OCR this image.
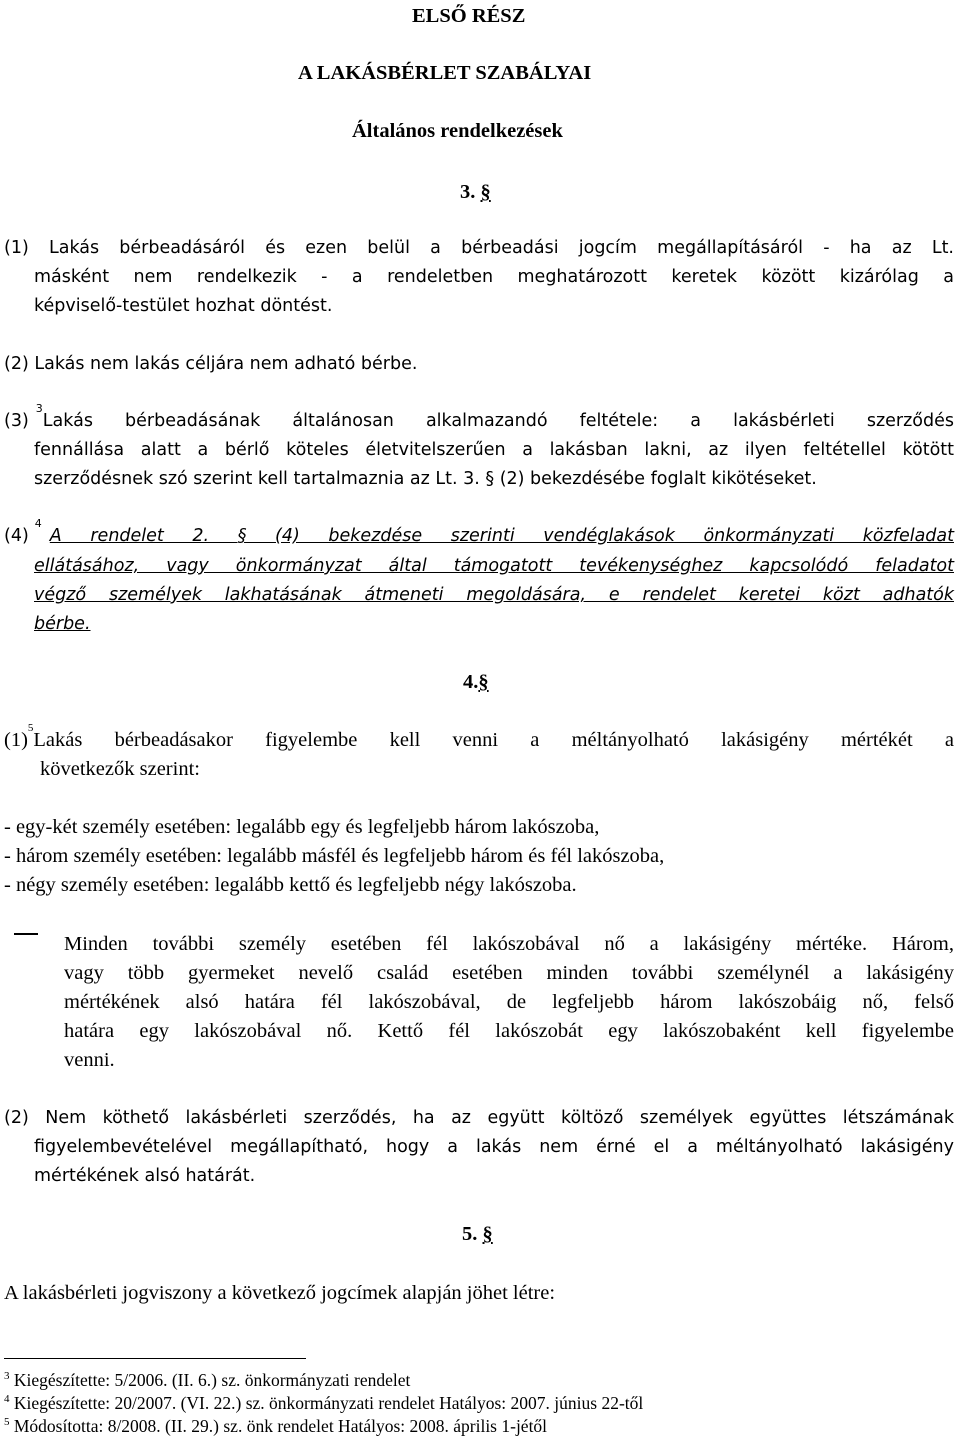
ELSŐ RÉSZ
A LAKÁSBÉRLET SZABÁLYAI
Általános rendelkezések
3. §
(1) Lakás bérbeadásáról és ezen belül a bérbeadási jogcím megállapításáról - ha az Lt.
másként nem rendelkezik - a rendeletben meghatározott keretek között kizárólag a
képviselő-testület hozhat döntést.
(2) Lakás nem lakás céljára nem adható bérbe.
(3)
3
Lakás bérbeadásának általánosan alkalmazandó feltétele: a lakásbérleti szerződés
fennállása alatt a bérlő köteles életvitelszerűen a lakásban lakni, az ilyen feltétellel kötött
szerződésnek szó szerint kell tartalmaznia az Lt. 3. § (2) bekezdésébe foglalt kikötéseket.
(4)
4
A rendelet 2. § (4) bekezdése szerinti vendéglakások önkormányzati közfeladat
ellátásához, vagy önkormányzat által támogatott tevékenységhez kapcsolódó feladatot
végző személyek lakhatásának átmeneti megoldására, e rendelet keretei közt adhatók
bérbe.
4.§
(1)
5
Lakás bérbeadásakor figyelembe kell venni a méltányolható lakásigény mértékét a
következők szerint:
- egy-két személy esetében: legalább egy és legfeljebb három lakószoba,
- három személy esetében: legalább másfél és legfeljebb három és fél lakószoba,
- négy személy esetében: legalább kettő és legfeljebb négy lakószoba.
Minden további személy esetében fél lakószobával nő a lakásigény mértéke. Három,
vagy több gyermeket nevelő család esetében minden további személynél a lakásigény
mértékének alsó határa fél lakószobával, de legfeljebb három lakószobáig nő, felső
határa egy lakószobával nő. Kettő fél lakószobát egy lakószobaként kell figyelembe
venni.
(2) Nem köthető lakásbérleti szerződés, ha az együtt költöző személyek együttes létszámának
figyelembevételével megállapítható, hogy a lakás nem érné el a méltányolható lakásigény
mértékének alsó határát.
5. §
A lakásbérleti jogviszony a következő jogcímek alapján jöhet létre:
$^3$ Kiegészítette: 5/2006. (II. 6.) sz. önkormányzati rendelet
$^4$ Kiegészítette: 20/2007. (VI. 22.) sz. önkormányzati rendelet Hatályos: 2007. június 22-től
$^5$ Módosította: 8/2008. (II. 29.) sz. önk rendelet Hatályos: 2008. április 1-jétől
